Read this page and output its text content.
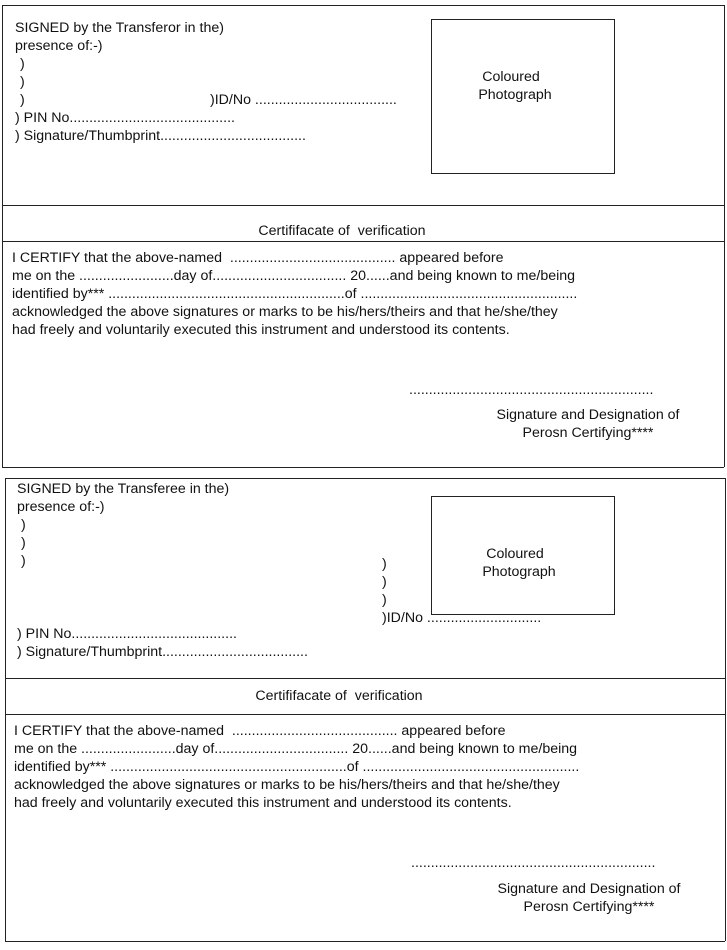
SIGNED by the Transferor in the)
presence of:-)
)
)
)	)ID/No ....................................
) PIN No..........................................
) Signature/Thumbprint.....................................
Coloured
Photograph
Certififacate of  verification
I CERTIFY that the above-named  .......................................... appeared before
me on the ........................day of.................................. 20......and being known to me/being
identified by*** ............................................................of .......................................................
acknowledged the above signatures or marks to be his/hers/theirs and that he/she/they
had freely and voluntarily executed this instrument and understood its contents.
..............................................................
Signature and Designation of
Perosn Certifying****
SIGNED by the Transferee in the)
presence of:-)
)
)
)	)
)
)
)ID/No .............................
) PIN No..........................................
) Signature/Thumbprint.....................................
Coloured
Photograph
Certififacate of  verification
I CERTIFY that the above-named  .......................................... appeared before
me on the ........................day of.................................. 20......and being known to me/being
identified by*** ............................................................of .......................................................
acknowledged the above signatures or marks to be his/hers/theirs and that he/she/they
had freely and voluntarily executed this instrument and understood its contents.
..............................................................
Signature and Designation of
Perosn Certifying****
